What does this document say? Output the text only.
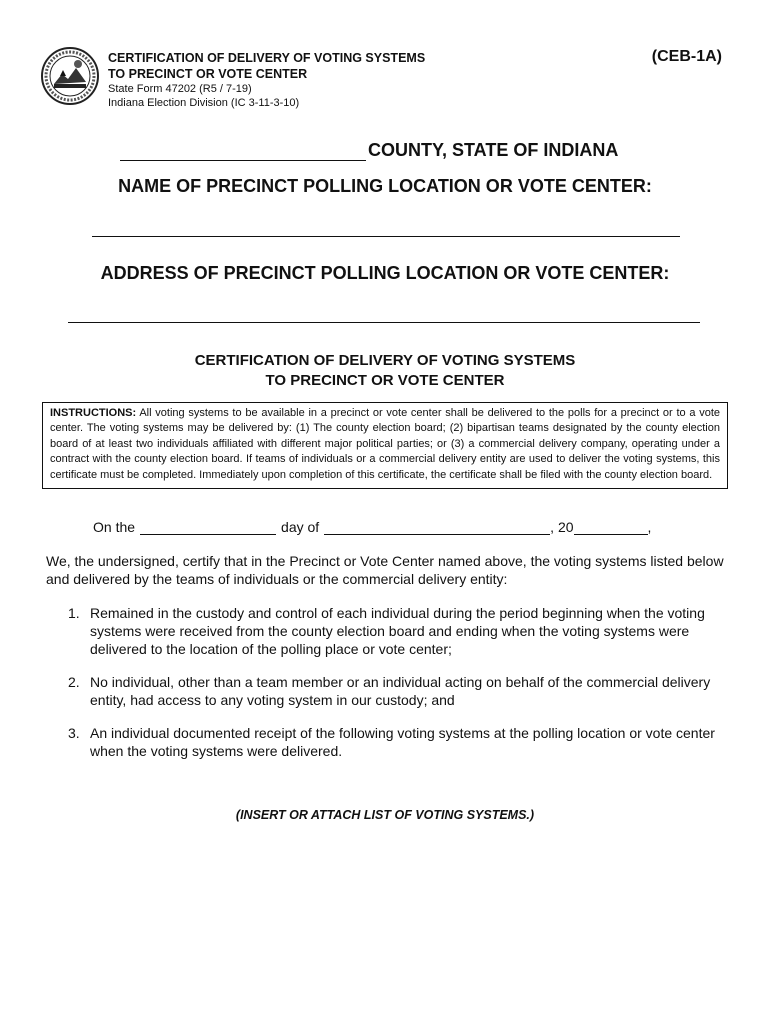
CERTIFICATION OF DELIVERY OF VOTING SYSTEMS
TO PRECINCT OR VOTE CENTER
State Form 47202 (R5 / 7-19)
Indiana Election Division (IC 3-11-3-10)
(CEB-1A)
COUNTY, STATE OF INDIANA
NAME OF PRECINCT POLLING LOCATION OR VOTE CENTER:
ADDRESS OF PRECINCT POLLING LOCATION OR VOTE CENTER:
CERTIFICATION OF DELIVERY OF VOTING SYSTEMS
TO PRECINCT OR VOTE CENTER
INSTRUCTIONS: All voting systems to be available in a precinct or vote center shall be delivered to the polls for a precinct or to a vote center. The voting systems may be delivered by: (1) The county election board; (2) bipartisan teams designated by the county election board of at least two individuals affiliated with different major political parties; or (3) a commercial delivery company, operating under a contract with the county election board. If teams of individuals or a commercial delivery entity are used to deliver the voting systems, this certificate must be completed. Immediately upon completion of this certificate, the certificate shall be filed with the county election board.
On the	day of	, 20	,
We, the undersigned, certify that in the Precinct or Vote Center named above, the voting systems listed below and delivered by the teams of individuals or the commercial delivery entity:
1. Remained in the custody and control of each individual during the period beginning when the voting systems were received from the county election board and ending when the voting systems were delivered to the location of the polling place or vote center;
2. No individual, other than a team member or an individual acting on behalf of the commercial delivery entity, had access to any voting system in our custody; and
3. An individual documented receipt of the following voting systems at the polling location or vote center when the voting systems were delivered.
(INSERT OR ATTACH LIST OF VOTING SYSTEMS.)
